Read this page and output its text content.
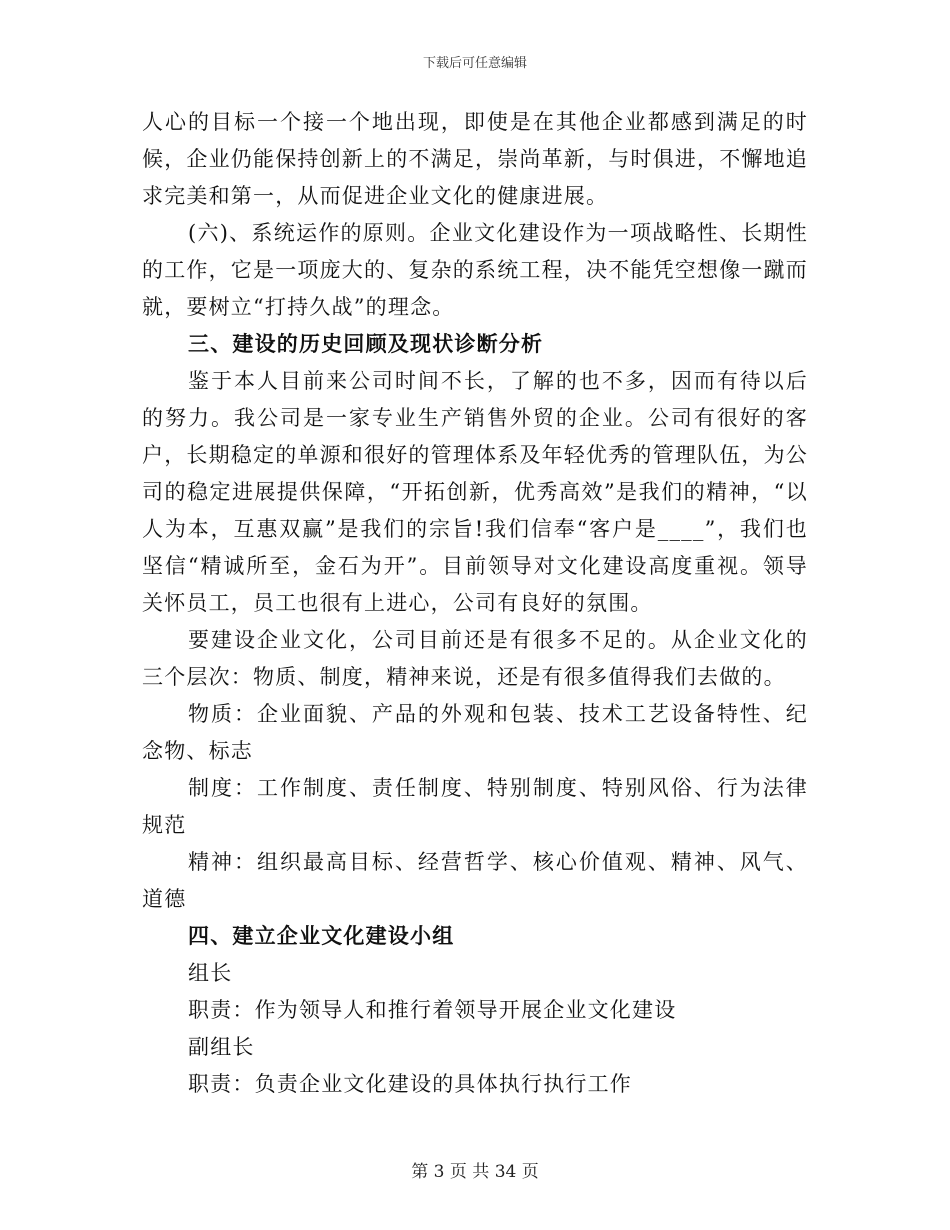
下载后可任意编辑

人心的目标一个接一个地出现，即使是在其他企业都感到满足的时候，企业仍能保持创新上的不满足，崇尚革新，与时俱进，不懈地追求完美和第一，从而促进企业文化的健康进展。

(六)、系统运作的原则。企业文化建设作为一项战略性、长期性的工作，它是一项庞大的、复杂的系统工程，决不能凭空想像一蹴而就，要树立“打持久战”的理念。

三、建设的历史回顾及现状诊断分析

鉴于本人目前来公司时间不长，了解的也不多，因而有待以后的努力。我公司是一家专业生产销售外贸的企业。公司有很好的客户，长期稳定的单源和很好的管理体系及年轻优秀的管理队伍，为公司的稳定进展提供保障，“开拓创新，优秀高效”是我们的精神，“以人为本，互惠双赢”是我们的宗旨!我们信奉“客户是____”，我们也坚信“精诚所至，金石为开”。目前领导对文化建设高度重视。领导关怀员工，员工也很有上进心，公司有良好的氛围。

要建设企业文化，公司目前还是有很多不足的。从企业文化的三个层次：物质、制度，精神来说，还是有很多值得我们去做的。

物质：企业面貌、产品的外观和包装、技术工艺设备特性、纪念物、标志

制度：工作制度、责任制度、特别制度、特别风俗、行为法律规范

精神：组织最高目标、经营哲学、核心价值观、精神、风气、道德

四、建立企业文化建设小组

组长

职责：作为领导人和推行着领导开展企业文化建设

副组长

职责：负责企业文化建设的具体执行执行工作

第 3 页 共 34 页
